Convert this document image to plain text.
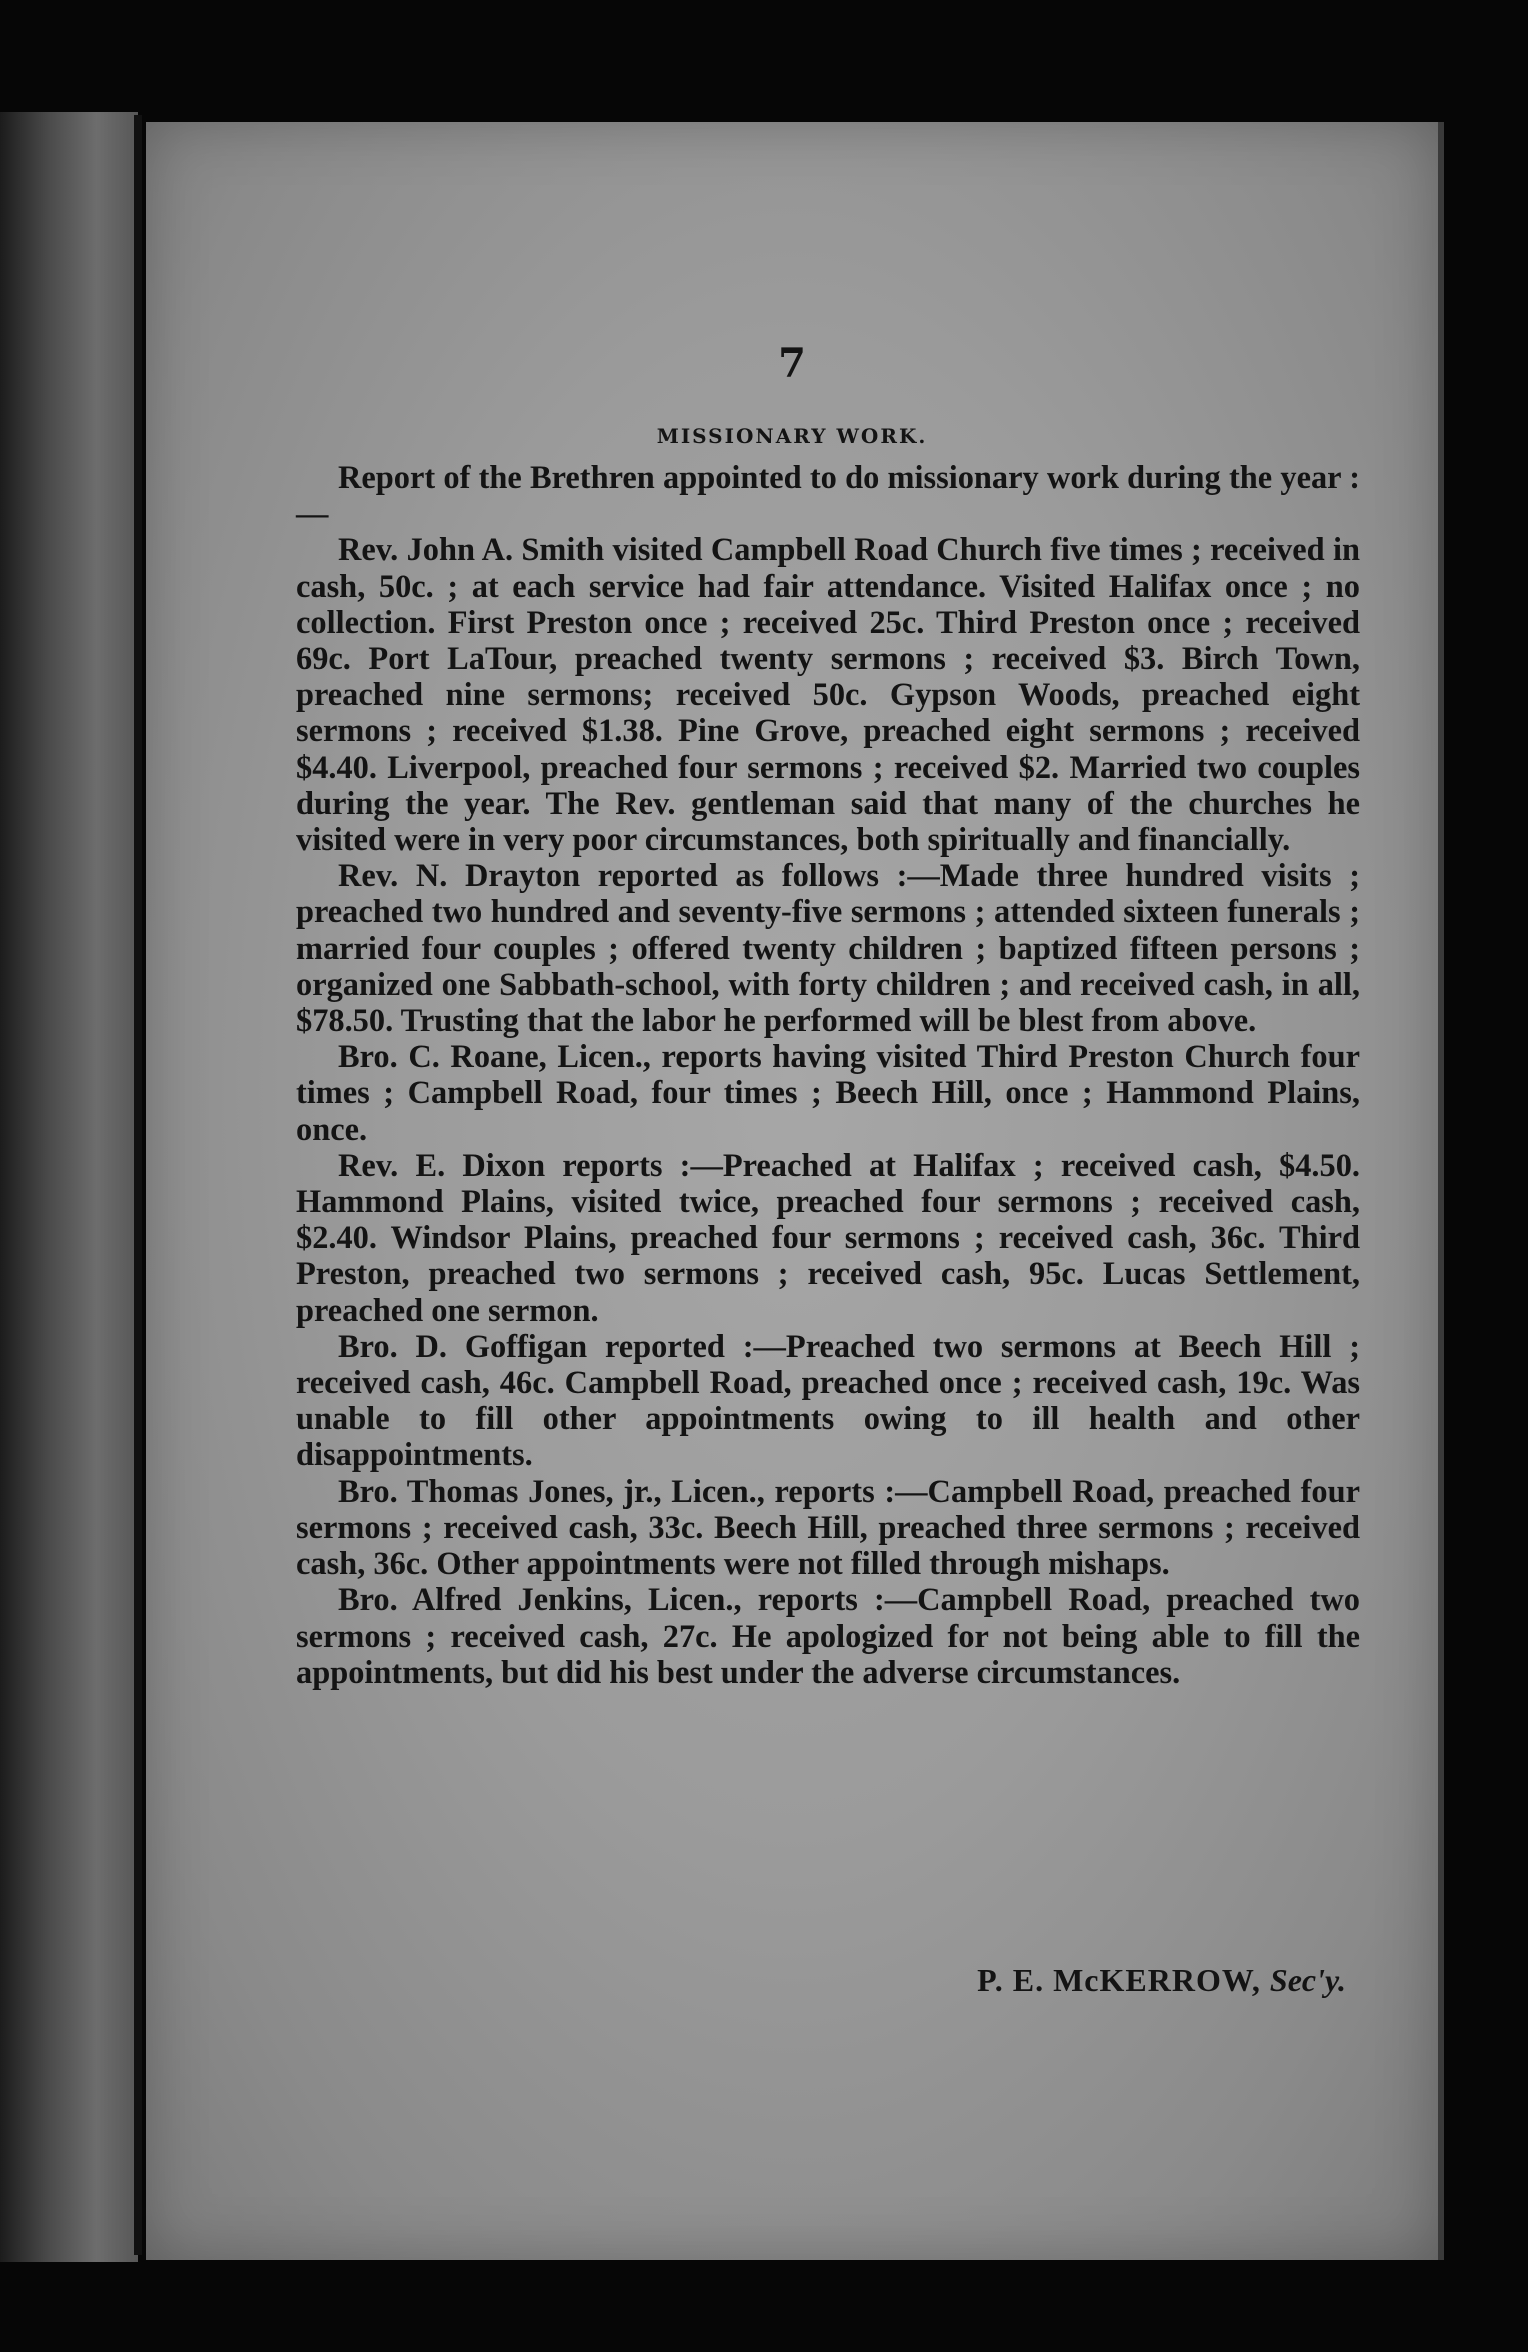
7
MISSIONARY WORK.

Report of the Brethren appointed to do missionary work during the year :—

Rev. John A. Smith visited Campbell Road Church five times ; received in cash, 50c. ; at each service had fair attendance. Visited Halifax once ; no collection. First Preston once ; received 25c. Third Preston once ; received 69c. Port LaTour, preached twenty sermons ; received $3. Birch Town, preached nine sermons; received 50c. Gypson Woods, preached eight sermons ; received $1.38. Pine Grove, preached eight sermons ; received $4.40. Liverpool, preached four sermons ; received $2. Married two couples during the year. The Rev. gentleman said that many of the churches he visited were in very poor circumstances, both spiritually and financially.

Rev. N. Drayton reported as follows :—Made three hundred visits ; preached two hundred and seventy-five sermons ; attended sixteen funerals ; married four couples ; offered twenty children ; baptized fifteen persons ; organized one Sabbath-school, with forty children ; and received cash, in all, $78.50. Trusting that the labor he performed will be blest from above.

Bro. C. Roane, Licen., reports having visited Third Preston Church four times ; Campbell Road, four times ; Beech Hill, once ; Hammond Plains, once.

Rev. E. Dixon reports :—Preached at Halifax ; received cash, $4.50. Hammond Plains, visited twice, preached four sermons ; received cash, $2.40. Windsor Plains, preached four sermons ; received cash, 36c. Third Preston, preached two sermons ; received cash, 95c. Lucas Settlement, preached one sermon.

Bro. D. Goffigan reported :—Preached two sermons at Beech Hill ; received cash, 46c. Campbell Road, preached once ; received cash, 19c. Was unable to fill other appointments owing to ill health and other disappointments.

Bro. Thomas Jones, jr., Licen., reports :—Campbell Road, preached four sermons ; received cash, 33c. Beech Hill, preached three sermons ; received cash, 36c. Other appointments were not filled through mishaps.

Bro. Alfred Jenkins, Licen., reports :—Campbell Road, preached two sermons ; received cash, 27c. He apologized for not being able to fill the appointments, but did his best under the adverse circumstances.

P. E. McKERROW, Sec'y.
